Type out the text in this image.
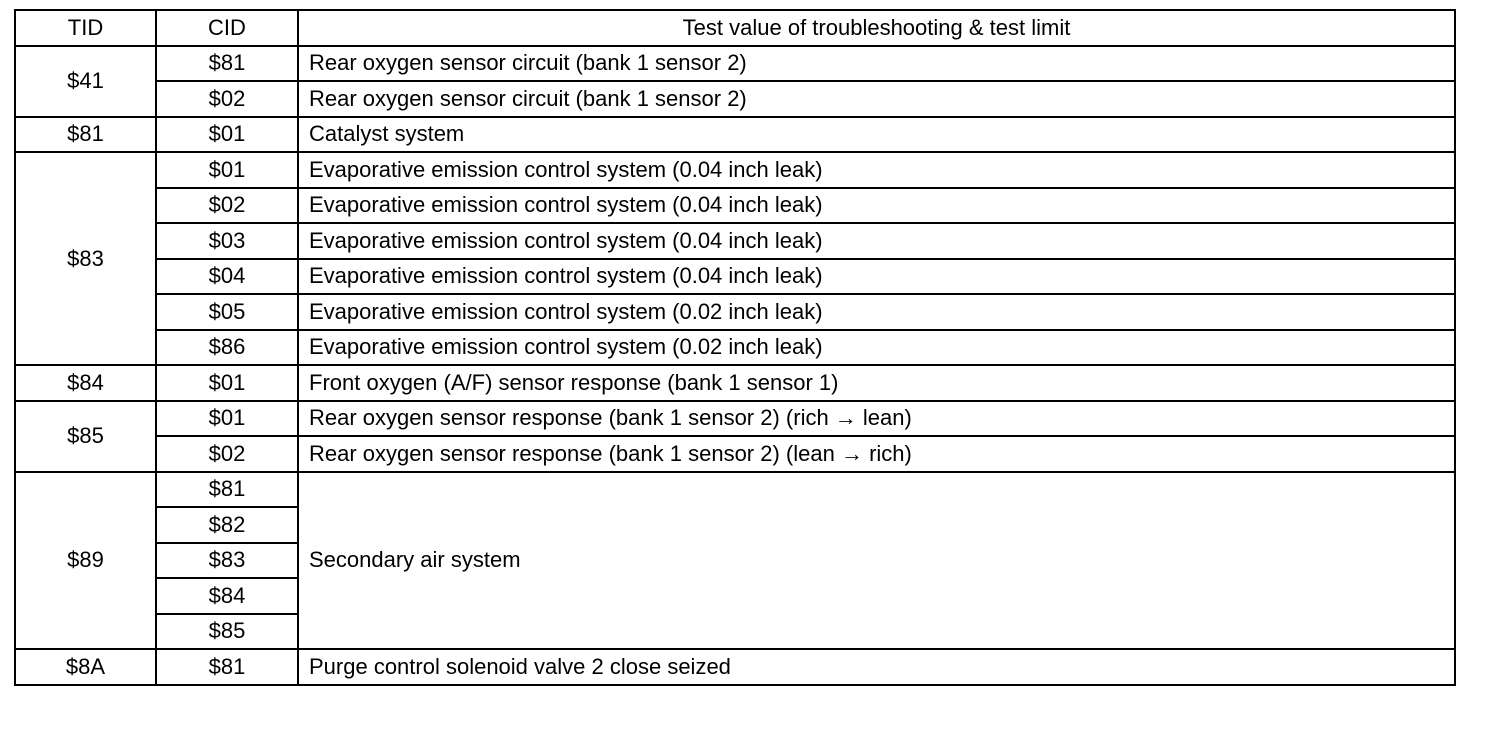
TID	CID	Test value of troubleshooting & test limit
$41	$81	Rear oxygen sensor circuit (bank 1 sensor 2)
	$02	Rear oxygen sensor circuit (bank 1 sensor 2)
$81	$01	Catalyst system
$83	$01	Evaporative emission control system (0.04 inch leak)
	$02	Evaporative emission control system (0.04 inch leak)
	$03	Evaporative emission control system (0.04 inch leak)
	$04	Evaporative emission control system (0.04 inch leak)
	$05	Evaporative emission control system (0.02 inch leak)
	$86	Evaporative emission control system (0.02 inch leak)
$84	$01	Front oxygen (A/F) sensor response (bank 1 sensor 1)
$85	$01	Rear oxygen sensor response (bank 1 sensor 2) (rich → lean)
	$02	Rear oxygen sensor response (bank 1 sensor 2) (lean → rich)
$89	$81	Secondary air system
	$82	
	$83	
	$84	
	$85	
$8A	$81	Purge control solenoid valve 2 close seized
